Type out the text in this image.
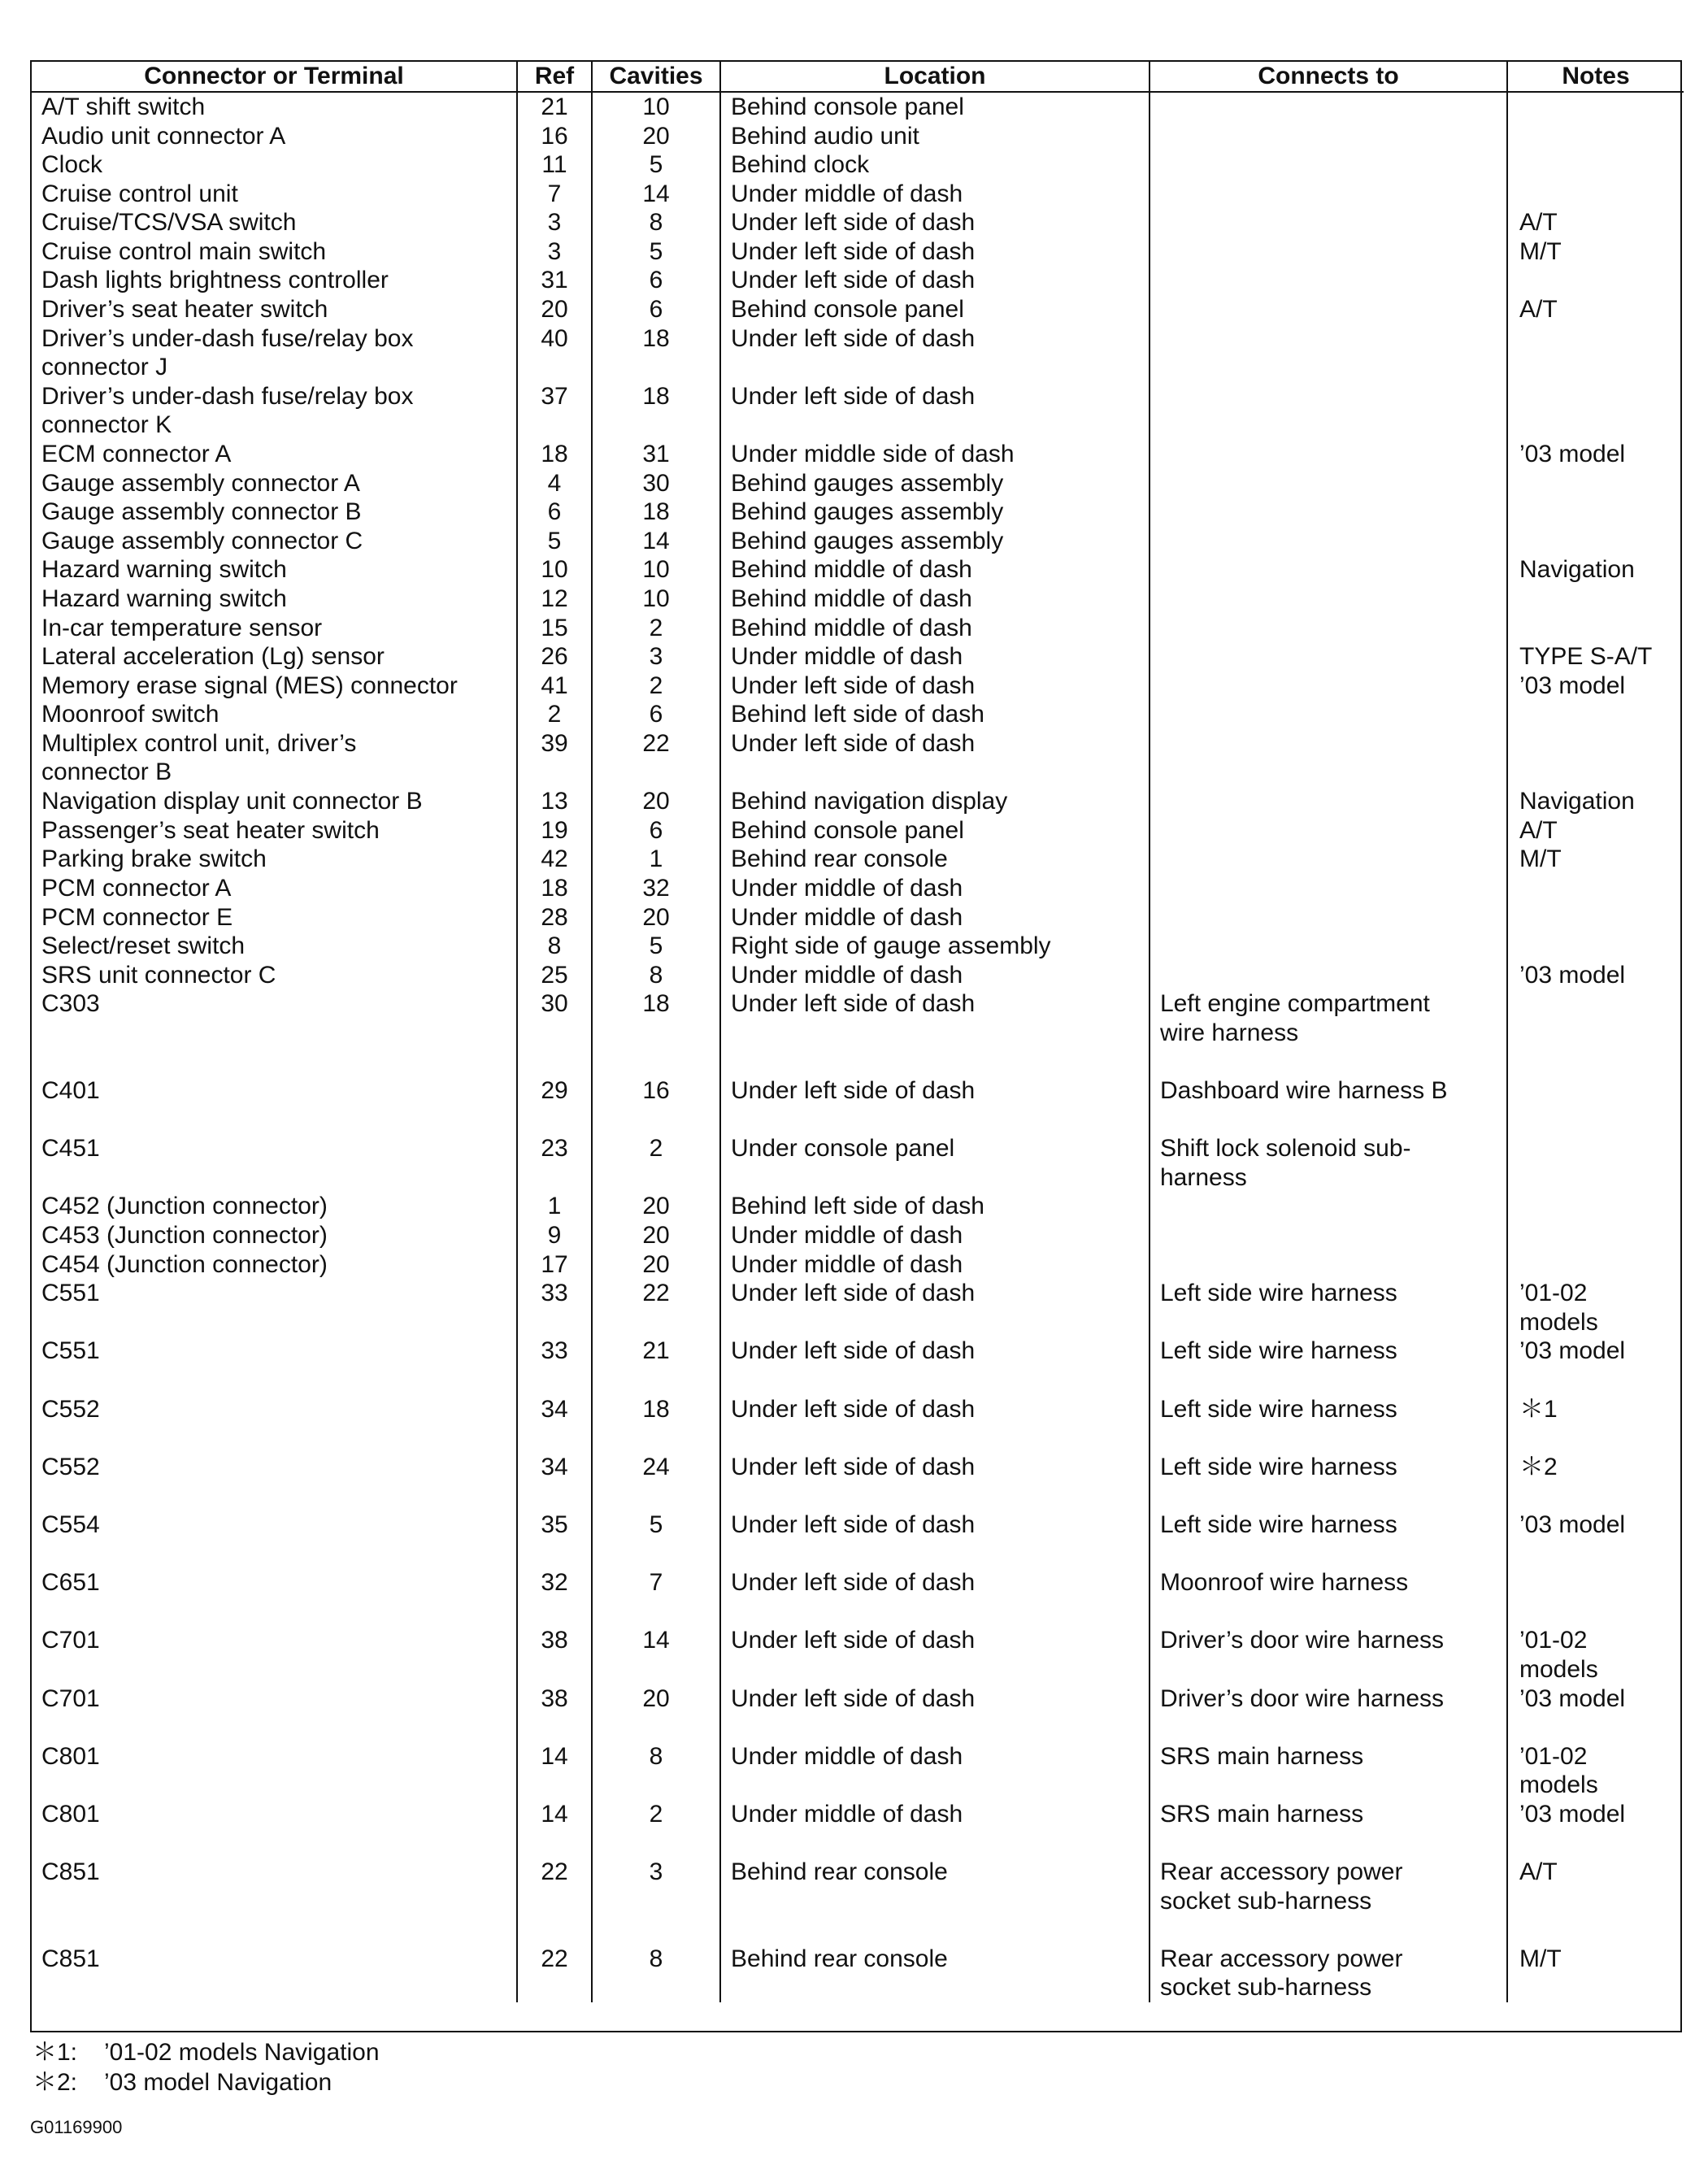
Connector or Terminal	Ref	Cavities	Location	Connects to	Notes
A/T shift switch	21	10	Behind console panel		
Audio unit connector A	16	20	Behind audio unit		
Clock	11	5	Behind clock		
Cruise control unit	7	14	Under middle of dash		
Cruise/TCS/VSA switch	3	8	Under left side of dash		A/T
Cruise control main switch	3	5	Under left side of dash		M/T
Dash lights brightness controller	31	6	Under left side of dash		
Driver’s seat heater switch	20	6	Behind console panel		A/T
Driver’s under-dash fuse/relay box
connector J	40	18	Under left side of dash		
Driver’s under-dash fuse/relay box
connector K	37	18	Under left side of dash		
ECM connector A	18	31	Under middle side of dash		’03 model
Gauge assembly connector A	4	30	Behind gauges assembly		
Gauge assembly connector B	6	18	Behind gauges assembly		
Gauge assembly connector C	5	14	Behind gauges assembly		
Hazard warning switch	10	10	Behind middle of dash		Navigation
Hazard warning switch	12	10	Behind middle of dash		
In-car temperature sensor	15	2	Behind middle of dash		
Lateral acceleration (Lg) sensor	26	3	Under middle of dash		TYPE S-A/T
Memory erase signal (MES) connector	41	2	Under left side of dash		’03 model
Moonroof switch	2	6	Behind left side of dash		
Multiplex control unit, driver’s
connector B	39	22	Under left side of dash		
Navigation display unit connector B	13	20	Behind navigation display		Navigation
Passenger’s seat heater switch	19	6	Behind console panel		A/T
Parking brake switch	42	1	Behind rear console		M/T
PCM connector A	18	32	Under middle of dash		
PCM connector E	28	20	Under middle of dash		
Select/reset switch	8	5	Right side of gauge assembly		
SRS unit connector C	25	8	Under middle of dash		’03 model
C303	30	18	Under left side of dash	Left engine compartment
wire harness	
C401	29	16	Under left side of dash	Dashboard wire harness B	
C451	23	2	Under console panel	Shift lock solenoid sub-
harness	
C452 (Junction connector)	1	20	Behind left side of dash		
C453 (Junction connector)	9	20	Under middle of dash		
C454 (Junction connector)	17	20	Under middle of dash		
C551	33	22	Under left side of dash	Left side wire harness	’01-02
models
C551	33	21	Under left side of dash	Left side wire harness	’03 model
C552	34	18	Under left side of dash	Left side wire harness	＊1
C552	34	24	Under left side of dash	Left side wire harness	＊2
C554	35	5	Under left side of dash	Left side wire harness	’03 model
C651	32	7	Under left side of dash	Moonroof wire harness	
C701	38	14	Under left side of dash	Driver’s door wire harness	’01-02
models
C701	38	20	Under left side of dash	Driver’s door wire harness	’03 model
C801	14	8	Under middle of dash	SRS main harness	’01-02
models
C801	14	2	Under middle of dash	SRS main harness	’03 model
C851	22	3	Behind rear console	Rear accessory power
socket sub-harness	A/T
C851	22	8	Behind rear console	Rear accessory power
socket sub-harness	M/T
＊1: ’01-02 models Navigation
＊2: ’03 model Navigation
G01169900
